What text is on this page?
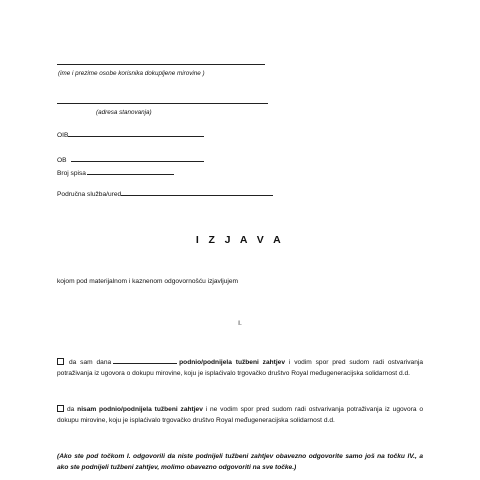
(ime i prezime osobe korisnika dokupljene mirovine )
(adresa stanovanja)
OIB
OB
Broj spisa
Područna služba/ured
I Z J A V A
kojom pod materijalnom i kaznenom odgovornošću izjavljujem
I.
da sam dana	podnio/podnijela tužbeni zahtjev i vodim spor pred sudom radi ostvarivanja potraživanja iz ugovora o dokupu mirovine, koju je isplaćivalo trgovačko društvo Royal međugeneracijska solidarnost d.d.
da nisam podnio/podnijela tužbeni zahtjev i ne vodim spor pred sudom radi ostvarivanja potraživanja iz ugovora o dokupu mirovine, koju je isplaćivalo trgovačko društvo Royal međugeneracijska solidarnost d.d.
(Ako ste pod točkom I. odgovorili da niste podnijeli tužbeni zahtjev obavezno odgovorite samo još na točku IV., a ako ste podnijeli tužbeni zahtjev, molimo obavezno odgovoriti na sve točke.)
